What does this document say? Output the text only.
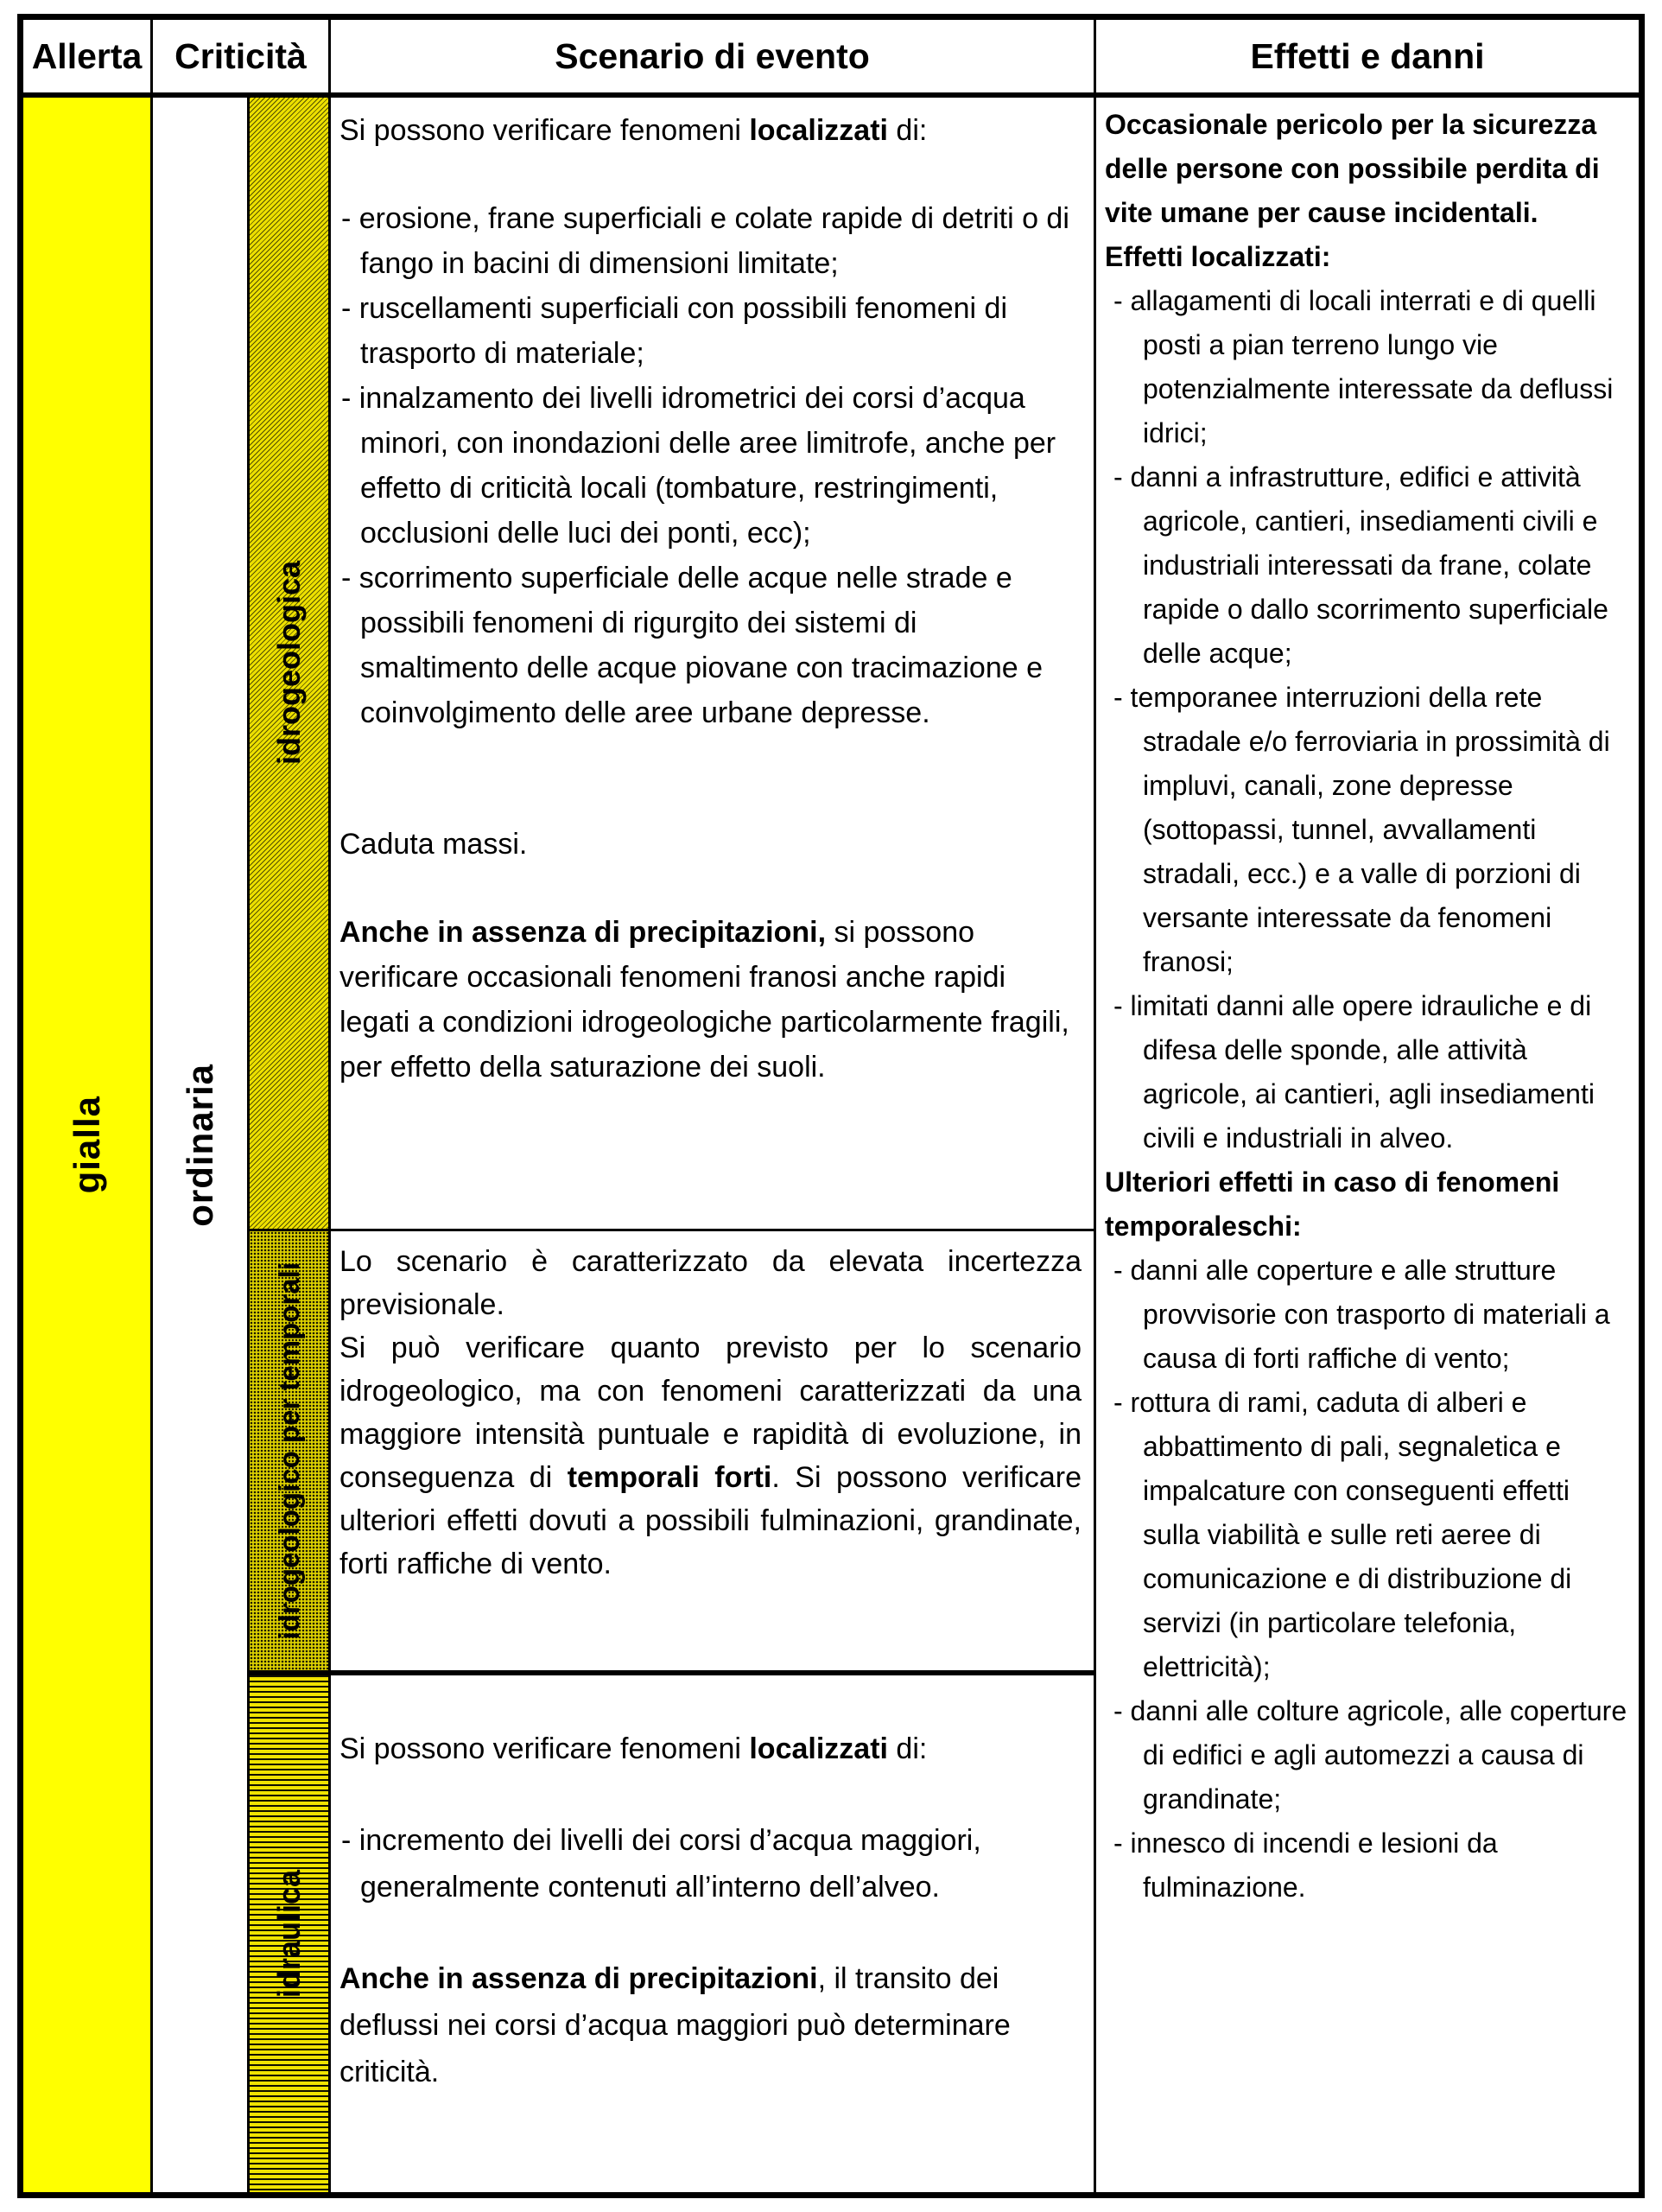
Allerta Criticità	Scenario di evento	Effetti e danni
gialla ordinaria
idrogeologica
idrogeologico per temporali
idraulica
Si possono verificare fenomeni localizzati di:
- erosione, frane superficiali e colate rapide di detriti o di fango in bacini di dimensioni limitate;
- ruscellamenti superficiali con possibili fenomeni di trasporto di materiale;
- innalzamento dei livelli idrometrici dei corsi d’acqua minori, con inondazioni delle aree limitrofe, anche per effetto di criticità locali (tombature, restringimenti, occlusioni delle luci dei ponti, ecc);
- scorrimento superficiale delle acque nelle strade e possibili fenomeni di rigurgito dei sistemi di smaltimento delle acque piovane con tracimazione e coinvolgimento delle aree urbane depresse.
Caduta massi.
Anche in assenza di precipitazioni, si possono verificare occasionali fenomeni franosi anche rapidi legati a condizioni idrogeologiche particolarmente fragili, per effetto della saturazione dei suoli.
Lo scenario è caratterizzato da elevata incertezza previsionale.
Si può verificare quanto previsto per lo scenario idrogeologico, ma con fenomeni caratterizzati da una maggiore intensità puntuale e rapidità di evoluzione, in conseguenza di temporali forti. Si possono verificare ulteriori effetti dovuti a possibili fulminazioni, grandinate, forti raffiche di vento.
Si possono verificare fenomeni localizzati di:
- incremento dei livelli dei corsi d’acqua maggiori, generalmente contenuti all’interno dell’alveo.
Anche in assenza di precipitazioni, il transito dei deflussi nei corsi d’acqua maggiori può determinare criticità.
Occasionale pericolo per la sicurezza delle persone con possibile perdita di vite umane per cause incidentali.
Effetti localizzati:
- allagamenti di locali interrati e di quelli posti a pian terreno lungo vie potenzialmente interessate da deflussi idrici;
- danni a infrastrutture, edifici e attività agricole, cantieri, insediamenti civili e industriali interessati da frane, colate rapide o dallo scorrimento superficiale delle acque;
- temporanee interruzioni della rete stradale e/o ferroviaria in prossimità di impluvi, canali, zone depresse (sottopassi, tunnel, avvallamenti stradali, ecc.) e a valle di porzioni di versante interessate da fenomeni franosi;
- limitati danni alle opere idrauliche e di difesa delle sponde, alle attività agricole, ai cantieri, agli insediamenti civili e industriali in alveo.
Ulteriori effetti in caso di fenomeni temporaleschi:
- danni alle coperture e alle strutture provvisorie con trasporto di materiali a causa di forti raffiche di vento;
- rottura di rami, caduta di alberi e abbattimento di pali, segnaletica e impalcature con conseguenti effetti sulla viabilità e sulle reti aeree di comunicazione e di distribuzione di servizi (in particolare telefonia, elettricità);
- danni alle colture agricole, alle coperture di edifici e agli automezzi a causa di grandinate;
- innesco di incendi e lesioni da fulminazione.
